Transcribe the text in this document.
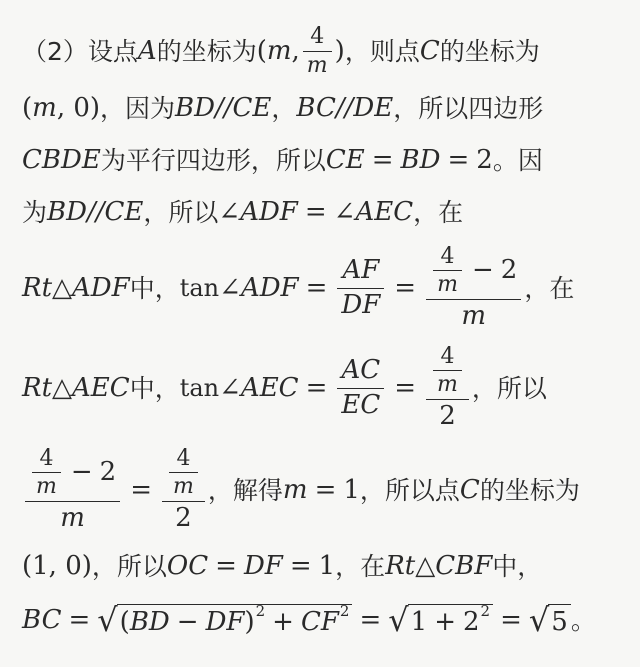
（2）设点 A 的坐标为 ( m , $\frac{4}{m}$ ) ，则点 C 的坐标为
( m , 0) ，因为 BD//CE ， BC//DE ，所以四边形
CBDE 为平行四边形，所以 CE = BD = 2 。因
为 BD//CE ，所以 ∠ ADF = ∠ AEC ，在
Rt △ ADF 中， tan ∠ ADF = $\frac{AF}{DF} = \frac{\frac{4}{m} - 2}{m}$ ，在
Rt △ AEC 中， tan ∠ AEC = $\frac{AC}{EC} = \frac{\frac{4}{m}}{2}$ ，所以
$\frac{\frac{4}{m} - 2}{m} = \frac{\frac{4}{m}}{2}$ ，解得 m = 1 ，所以点 C 的坐标为
(1, 0) ，所以 OC = DF = 1 ，在 Rt △ CBF 中，
BC = √ ( BD − DF ) 2 + CF 2 = √ 1 + 2 2 = √ 5 。
